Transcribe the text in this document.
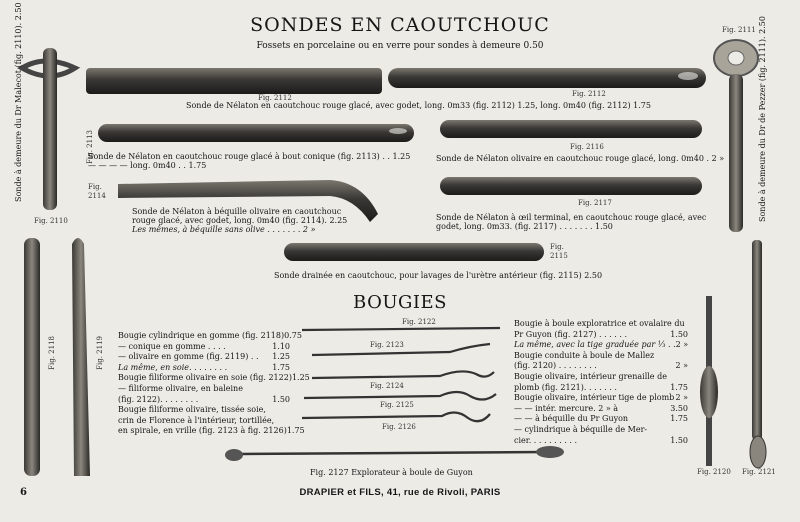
SONDES EN CAOUTCHOUC
Fossets en porcelaine ou en verre pour sondes à demeure 0.50
Sonde à demeure du Dr Malecot (fig. 2110). 2.50	Sonde à demeure du Dr de Pezzer (fig. 2111). 2.50
Fig. 2110
Fig. 2111
Fig. 2112	Fig. 2112
Fig. 2113	Fig. 2116
Fig. 2114
Fig. 2117
Fig. 2115
Fig. 2118	Fig. 2119
Fig. 2120 Fig. 2121
Fig. 2122
Fig. 2123
Fig. 2124
Fig. 2125
Fig. 2126
Sonde de Nélaton en caoutchouc rouge glacé, avec godet, long. 0m33 (fig. 2112) 1.25, long. 0m40 (fig. 2112) 1.75
Sonde de Nélaton en caoutchouc rouge glacé à bout conique (fig. 2113) . . 1.25
— — — — long. 0m40 . . 1.75
Sonde de Nélaton olivaire en caoutchouc rouge glacé, long. 0m40 . 2 »
Sonde de Nélaton à béquille olivaire en caoutchouc
rouge glacé, avec godet, long. 0m40 (fig. 2114). 2.25
Les mêmes, à béquille sans olive . . . . . . . 2 »
Sonde de Nélaton à œil terminal, en caoutchouc rouge glacé, avec
godet, long. 0m33. (fig. 2117) . . . . . . . 1.50
Sonde drainée en caoutchouc, pour lavages de l'urètre antérieur (fig. 2115) 2.50
BOUGIES
Bougie cylindrique en gomme (fig. 2118) 0.75
— conique en gomme . . . .	1.10
— olivaire en gomme (fig. 2119) . . 1.25
La même, en soie. . . . . . . .	1.75
Bougie filiforme olivaire en soie (fig. 2122) 1.25
— filiforme olivaire, en baleine
(fig. 2122). . . . . . . .	1.50
Bougie filiforme olivaire, tissée soie,
crin de Florence à l'intérieur, tortillée,
en spirale, en vrille (fig. 2123 à fig. 2126) 1.75
Bougie à boule exploratrice et ovalaire du
Pr Guyon (fig. 2127) . . . . . .	1.50
La même, avec la tige graduée par ⅓ . . 2 »
Bougie conduite à boule de Mallez
(fig. 2120) . . . . . . . .	2 »
Bougie olivaire, intérieur grenaille de
plomb (fig. 2121). . . . . . .	1.75
Bougie olivaire, intérieur tige de plomb 2 »
— — intér. mercure. 2 » à	3.50
— — à béquille du Pr Guyon	1.75
— cylindrique à béquille de Mer-
cier. . . . . . . . . .	1.50
Fig. 2127 Explorateur à boule de Guyon
6	DRAPIER et FILS, 41, rue de Rivoli, PARIS
